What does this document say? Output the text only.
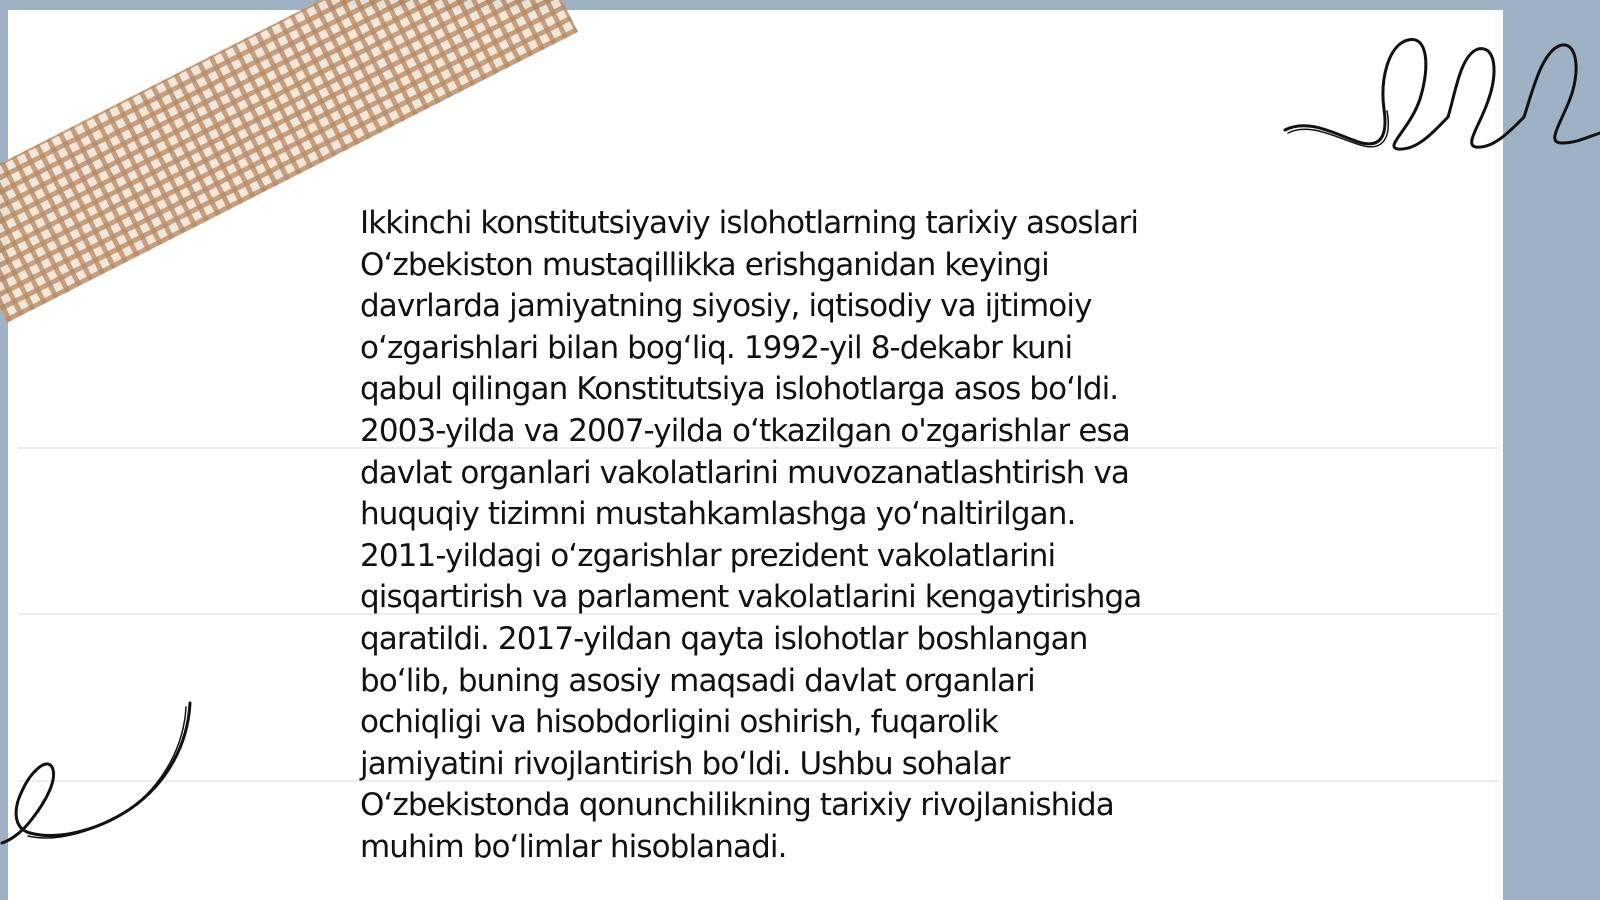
Ikkinchi konstitutsiyaviy islohotlarning tarixiy asoslari
O‘zbekiston mustaqillikka erishganidan keyingi
davrlarda jamiyatning siyosiy, iqtisodiy va ijtimoiy
o‘zgarishlari bilan bog‘liq. 1992-yil 8-dekabr kuni
qabul qilingan Konstitutsiya islohotlarga asos bo‘ldi.
2003-yilda va 2007-yilda o‘tkazilgan o'zgarishlar esa
davlat organlari vakolatlarini muvozanatlashtirish va
huquqiy tizimni mustahkamlashga yo‘naltirilgan.
2011-yildagi o‘zgarishlar prezident vakolatlarini
qisqartirish va parlament vakolatlarini kengaytirishga
qaratildi. 2017-yildan qayta islohotlar boshlangan
bo‘lib, buning asosiy maqsadi davlat organlari
ochiqligi va hisobdorligini oshirish, fuqarolik
jamiyatini rivojlantirish bo‘ldi. Ushbu sohalar
O‘zbekistonda qonunchilikning tarixiy rivojlanishida
muhim bo‘limlar hisoblanadi.
